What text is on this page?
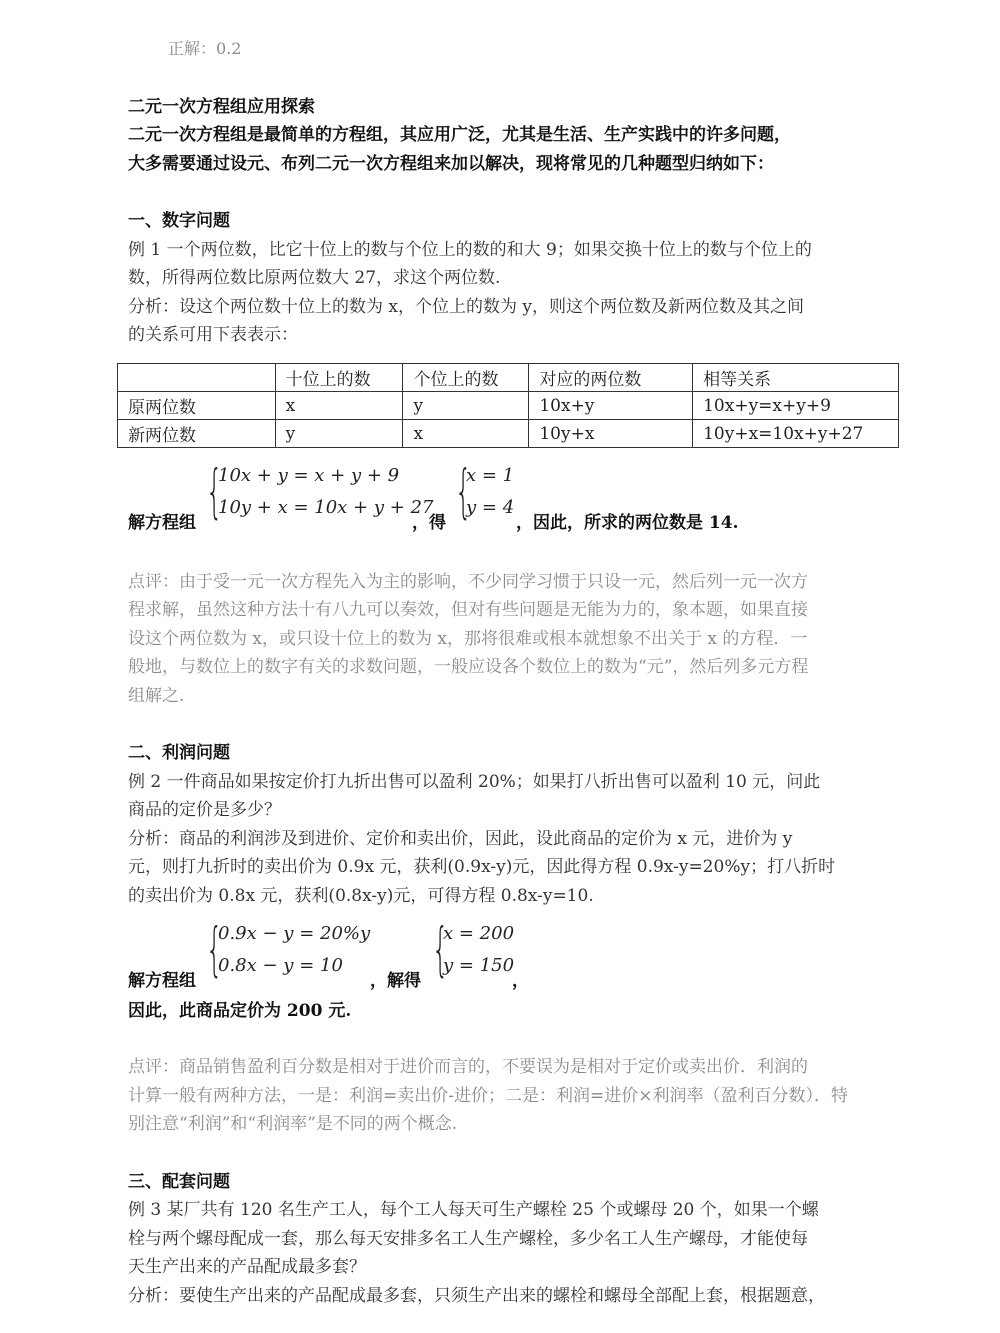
正解：0.2
二元一次方程组应用探索
二元一次方程组是最简单的方程组，其应用广泛，尤其是生活、生产实践中的许多问题，
大多需要通过设元、布列二元一次方程组来加以解决，现将常见的几种题型归纳如下：
一、数字问题
例 1 一个两位数，比它十位上的数与个位上的数的和大 9；如果交换十位上的数与个位上的
数，所得两位数比原两位数大 27，求这个两位数.
分析：设这个两位数十位上的数为 x，个位上的数为 y，则这个两位数及新两位数及其之间
的关系可用下表表示：
	十位上的数	个位上的数	对应的两位数	相等关系
原两位数	x	y	10x+y	10x+y=x+y+9
新两位数	y	x	10y+x	10y+x=10x+y+27
解方程组 {
10x + y = x + y + 9
10y + x = 10x + y + 27
，得 {
x = 1
y = 4
，因此，所求的两位数是 14.
点评：由于受一元一次方程先入为主的影响，不少同学习惯于只设一元，然后列一元一次方
程求解，虽然这种方法十有八九可以奏效，但对有些问题是无能为力的，象本题，如果直接
设这个两位数为 x，或只设十位上的数为 x，那将很难或根本就想象不出关于 x 的方程．一
般地，与数位上的数字有关的求数问题，一般应设各个数位上的数为“元”，然后列多元方程
组解之.
二、利润问题
例 2 一件商品如果按定价打九折出售可以盈利 20%；如果打八折出售可以盈利 10 元，问此
商品的定价是多少？
分析：商品的利润涉及到进价、定价和卖出价，因此，设此商品的定价为 x 元，进价为 y
元，则打九折时的卖出价为 0.9x 元，获利(0.9x-y)元，因此得方程 0.9x-y=20%y；打八折时
的卖出价为 0.8x 元，获利(0.8x-y)元，可得方程 0.8x-y=10.
解方程组 {
0.9x − y = 20%y
0.8x − y = 10
，解得 {
x = 200
y = 150
，
因此，此商品定价为 200 元.
点评：商品销售盈利百分数是相对于进价而言的，不要误为是相对于定价或卖出价．利润的
计算一般有两种方法，一是：利润=卖出价-进价；二是：利润=进价×利润率（盈利百分数）．特
别注意“利润”和“利润率”是不同的两个概念.
三、配套问题
例 3 某厂共有 120 名生产工人，每个工人每天可生产螺栓 25 个或螺母 20 个，如果一个螺
栓与两个螺母配成一套，那么每天安排多名工人生产螺栓，多少名工人生产螺母，才能使每
天生产出来的产品配成最多套？
分析：要使生产出来的产品配成最多套，只须生产出来的螺栓和螺母全部配上套，根据题意，
